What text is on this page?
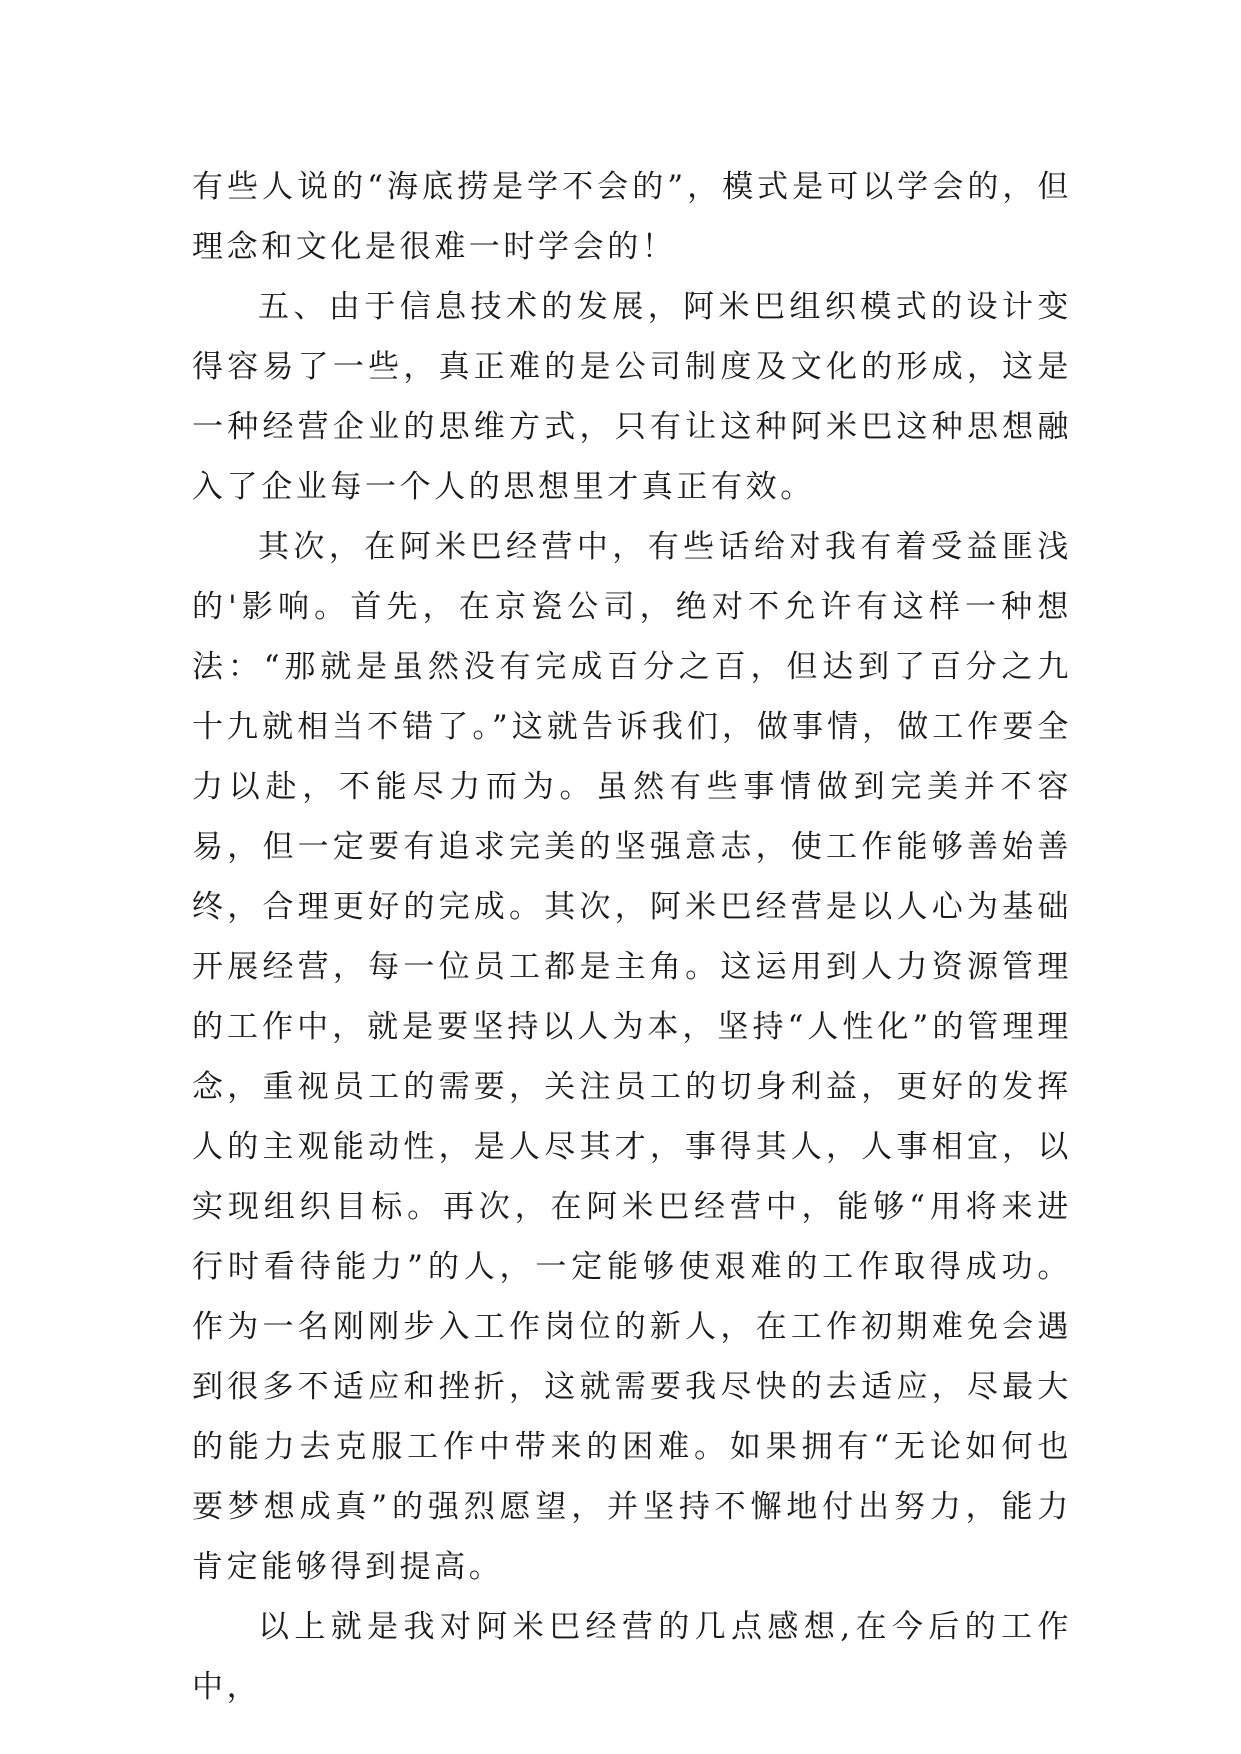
有些人说的“海底捞是学不会的”，模式是可以学会的，但理念和文化是很难一时学会的！

五、由于信息技术的发展，阿米巴组织模式的设计变得容易了一些，真正难的是公司制度及文化的形成，这是一种经营企业的思维方式，只有让这种阿米巴这种思想融入了企业每一个人的思想里才真正有效。

其次，在阿米巴经营中，有些话给对我有着受益匪浅的'影响。首先，在京瓷公司，绝对不允许有这样一种想法：“那就是虽然没有完成百分之百，但达到了百分之九十九就相当不错了。”这就告诉我们，做事情，做工作要全力以赴，不能尽力而为。虽然有些事情做到完美并不容易，但一定要有追求完美的坚强意志，使工作能够善始善终，合理更好的完成。其次，阿米巴经营是以人心为基础开展经营，每一位员工都是主角。这运用到人力资源管理的工作中，就是要坚持以人为本，坚持“人性化”的管理理念，重视员工的需要，关注员工的切身利益，更好的发挥人的主观能动性，是人尽其才，事得其人，人事相宜，以实现组织目标。再次，在阿米巴经营中，能够“用将来进行时看待能力”的人，一定能够使艰难的工作取得成功。作为一名刚刚步入工作岗位的新人，在工作初期难免会遇到很多不适应和挫折，这就需要我尽快的去适应，尽最大的能力去克服工作中带来的困难。如果拥有“无论如何也要梦想成真”的强烈愿望，并坚持不懈地付出努力，能力肯定能够得到提高。

以上就是我对阿米巴经营的几点感想,在今后的工作中，
